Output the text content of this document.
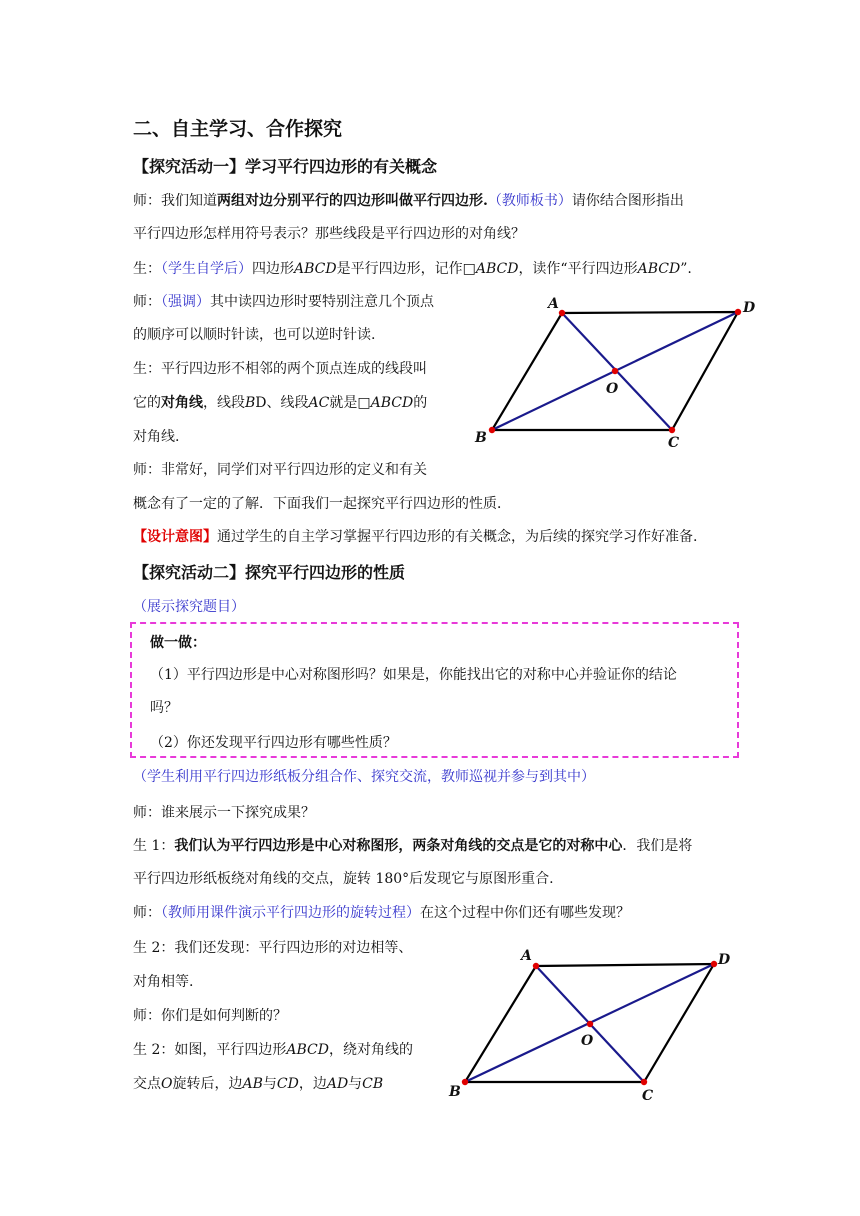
二、自主学习、合作探究
【探究活动一】学习平行四边形的有关概念
师：我们知道两组对边分别平行的四边形叫做平行四边形.（教师板书）请你结合图形指出
平行四边形怎样用符号表示？那些线段是平行四边形的对角线？
生：（学生自学后）四边形ABCD是平行四边形，记作□ABCD，读作“平行四边形ABCD”.
师：（强调）其中读四边形时要特别注意几个顶点
的顺序可以顺时针读，也可以逆时针读.
生：平行四边形不相邻的两个顶点连成的线段叫
它的对角线，线段BD、线段AC就是□ABCD的
对角线.
师：非常好，同学们对平行四边形的定义和有关
概念有了一定的了解．下面我们一起探究平行四边形的性质．
【设计意图】通过学生的自主学习掌握平行四边形的有关概念，为后续的探究学习作好准备.
A	D
C
B
O
【探究活动二】探究平行四边形的性质
（展示探究题目）
做一做：
（1）平行四边形是中心对称图形吗？如果是，你能找出它的对称中心并验证你的结论
吗？
（2）你还发现平行四边形有哪些性质？
（学生利用平行四边形纸板分组合作、探究交流，教师巡视并参与到其中）
师：谁来展示一下探究成果？
生 1：我们认为平行四边形是中心对称图形，两条对角线的交点是它的对称中心．我们是将
平行四边形纸板绕对角线的交点，旋转 180°后发现它与原图形重合.
师：（教师用课件演示平行四边形的旋转过程）在这个过程中你们还有哪些发现？
生 2：我们还发现：平行四边形的对边相等、
对角相等.
师：你们是如何判断的？
生 2：如图，平行四边形ABCD，绕对角线的
交点O旋转后，边AB与CD，边AD与CB
A	D
C
B
O
